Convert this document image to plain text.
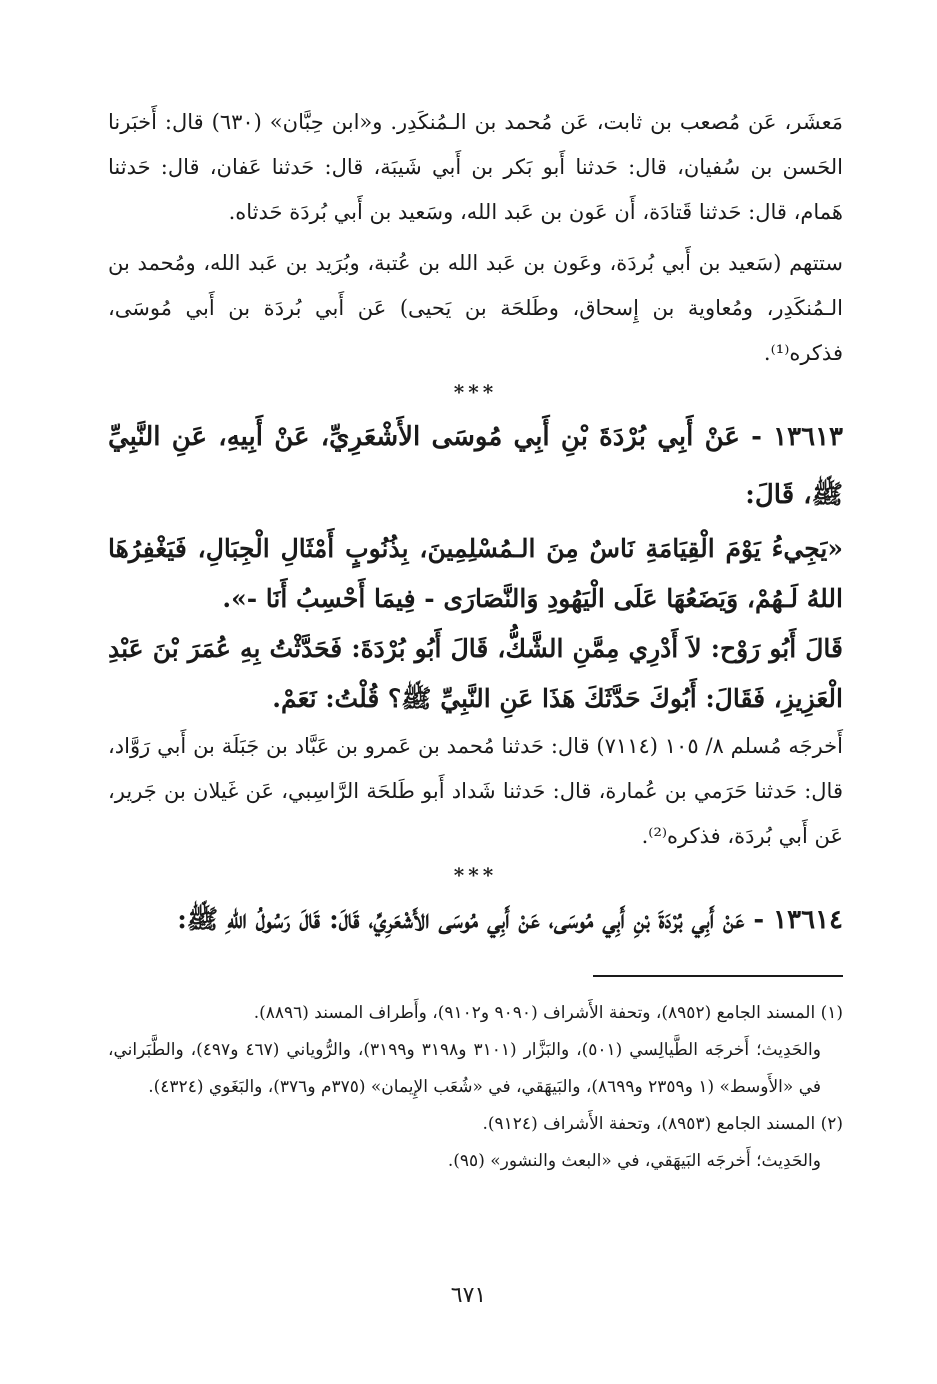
مَعشَر، عَن مُصعب بن ثابت، عَن مُحمد بن الـمُنكَدِر. و«ابن حِبَّان» (٦٣٠) قال: أَخبَرنا الحَسن بن سُفيان، قال: حَدثنا أَبو بَكر بن أَبي شَيبَة، قال: حَدثنا عَفان، قال: حَدثنا هَمام، قال: حَدثنا قَتادَة، أَن عَون بن عَبد الله، وسَعيد بن أَبي بُردَة حَدثاه.

ستتهم (سَعيد بن أَبي بُردَة، وعَون بن عَبد الله بن عُتبة، وبُرَيد بن عَبد الله، ومُحمد بن الـمُنكَدِر، ومُعاوية بن إِسحاق، وطَلحَة بن يَحيى) عَن أَبي بُردَة بن أَبي مُوسَى، فذكره⁽¹⁾.

***

١٣٦١٣ - عَنْ أَبِي بُرْدَةَ بْنِ أَبِي مُوسَى الأَشْعَرِيِّ، عَنْ أَبِيهِ، عَنِ النَّبِيِّ ﷺ، قَالَ:

«يَجِيءُ يَوْمَ الْقِيَامَةِ نَاسٌ مِنَ الـمُسْلِمِينَ، بِذُنُوبٍ أَمْثَالِ الْجِبَالِ، فَيَغْفِرُهَا اللهُ لَـهُمْ، وَيَضَعُهَا عَلَى الْيَهُودِ وَالنَّصَارَى - فِيمَا أَحْسِبُ أَنَا -».

قَالَ أَبُو رَوْح: لاَ أَدْرِي مِمَّنِ الشَّكُّ، قَالَ أَبُو بُرْدَةَ: فَحَدَّثْتُ بِهِ عُمَرَ بْنَ عَبْدِ الْعَزِيزِ، فَقَالَ: أَبُوكَ حَدَّثَكَ هَذَا عَنِ النَّبِيِّ ﷺ؟ قُلْتُ: نَعَمْ.

أَخرجَه مُسلم ٨/ ١٠٥ (٧١١٤) قال: حَدثنا مُحمد بن عَمرو بن عَبَّاد بن جَبَلَة بن أَبي رَوَّاد، قال: حَدثنا حَرَمي بن عُمارة، قال: حَدثنا شَداد أَبو طَلحَة الرَّاسِبي، عَن غَيلان بن جَرير، عَن أَبي بُردَة، فذكره⁽²⁾.

***

١٣٦١٤ - عَنْ أَبِي بُرْدَةَ بْنِ أَبِي مُوسَى، عَنْ أَبِي مُوسَى الأَشْعَرِيِّ، قَالَ: قَالَ رَسُولُ اللهِ ﷺ:

(١) المسند الجامع (٨٩٥٢)، وتحفة الأَشراف (٩٠٩٠ و٩١٠٢)، وأَطراف المسند (٨٨٩٦).

والحَدِيث؛ أَخرجَه الطَّيالِسي (٥٠١)، والبَزَّار (٣١٠١ و٣١٩٨ و٣١٩٩)، والرُّوياني (٤٦٧ و٤٩٧)، والطَّبَراني، في «الأَوسط» (١ و٢٣٥٩ و٨٦٩٩)، والبَيهَقي، في «شُعَب الإِيمان» (٣٧٥م و٣٧٦)، والبَغَوي (٤٣٢٤).

(٢) المسند الجامع (٨٩٥٣)، وتحفة الأَشراف (٩١٢٤).

والحَدِيث؛ أَخرجَه البَيهَقي، في «البعث والنشور» (٩٥).

٦٧١
